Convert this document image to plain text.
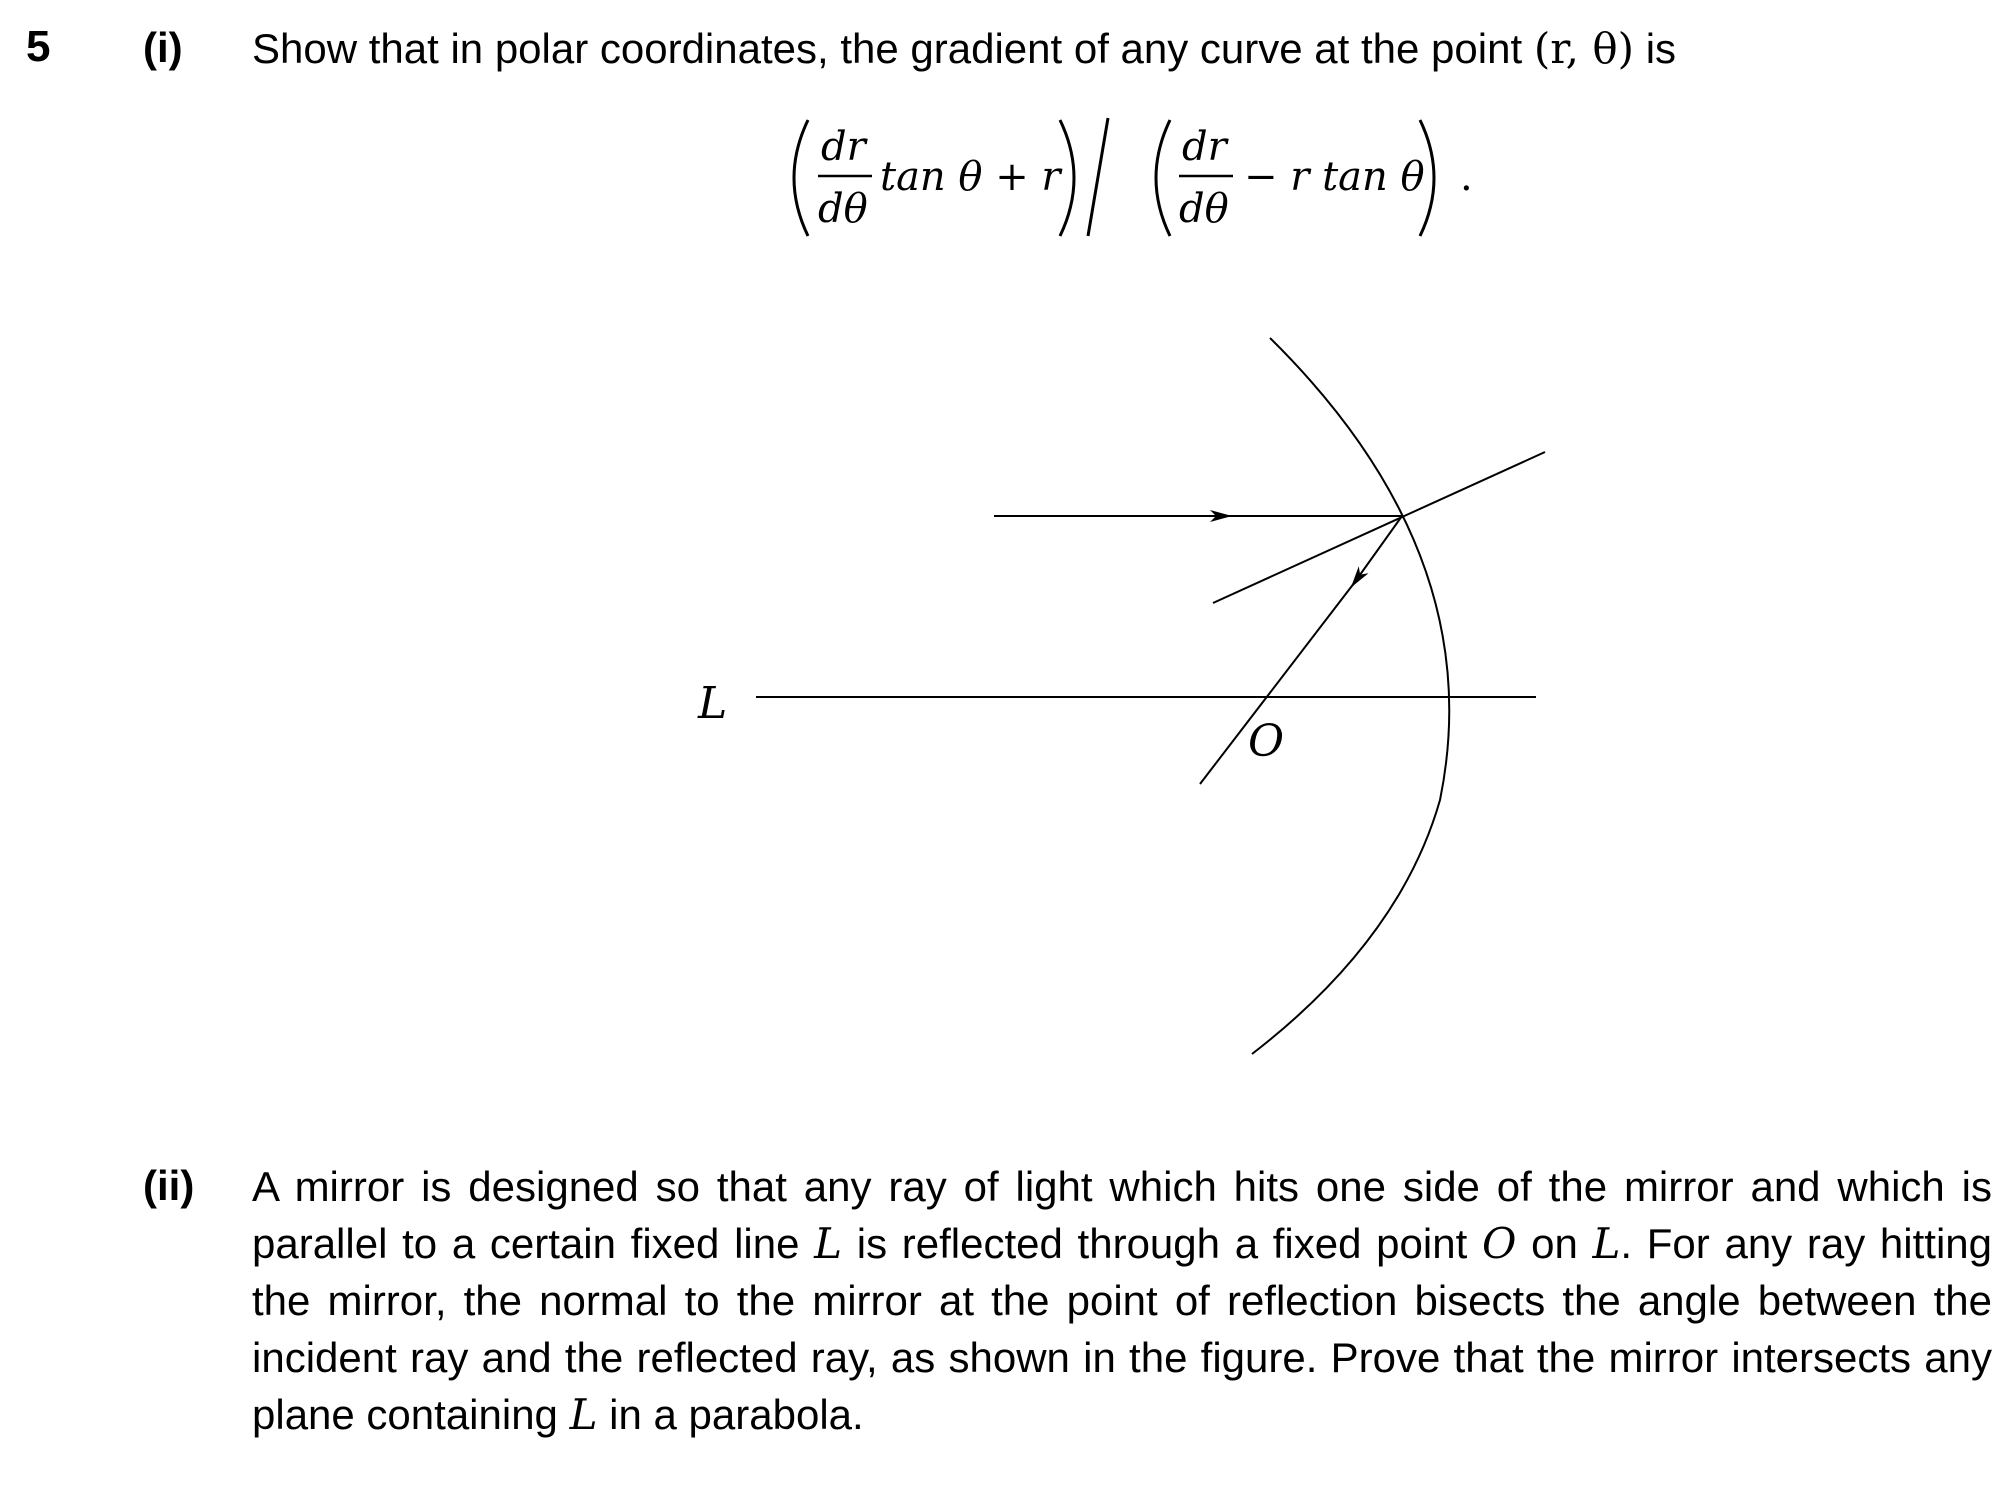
5 (i) Show that in polar coordinates, the gradient of any curve at the point (r, θ) is
dr
dθ
tan θ + r
dr
dθ
− r tan θ .
L
O
(ii) A mirror is designed so that any ray of light which hits one side of the mirror and which is parallel to a certain fixed line L is reflected through a fixed point O on L. For any ray hitting the mirror, the normal to the mirror at the point of reflection bisects the angle between the incident ray and the reflected ray, as shown in the figure. Prove that the mirror intersects any plane containing L in a parabola.
